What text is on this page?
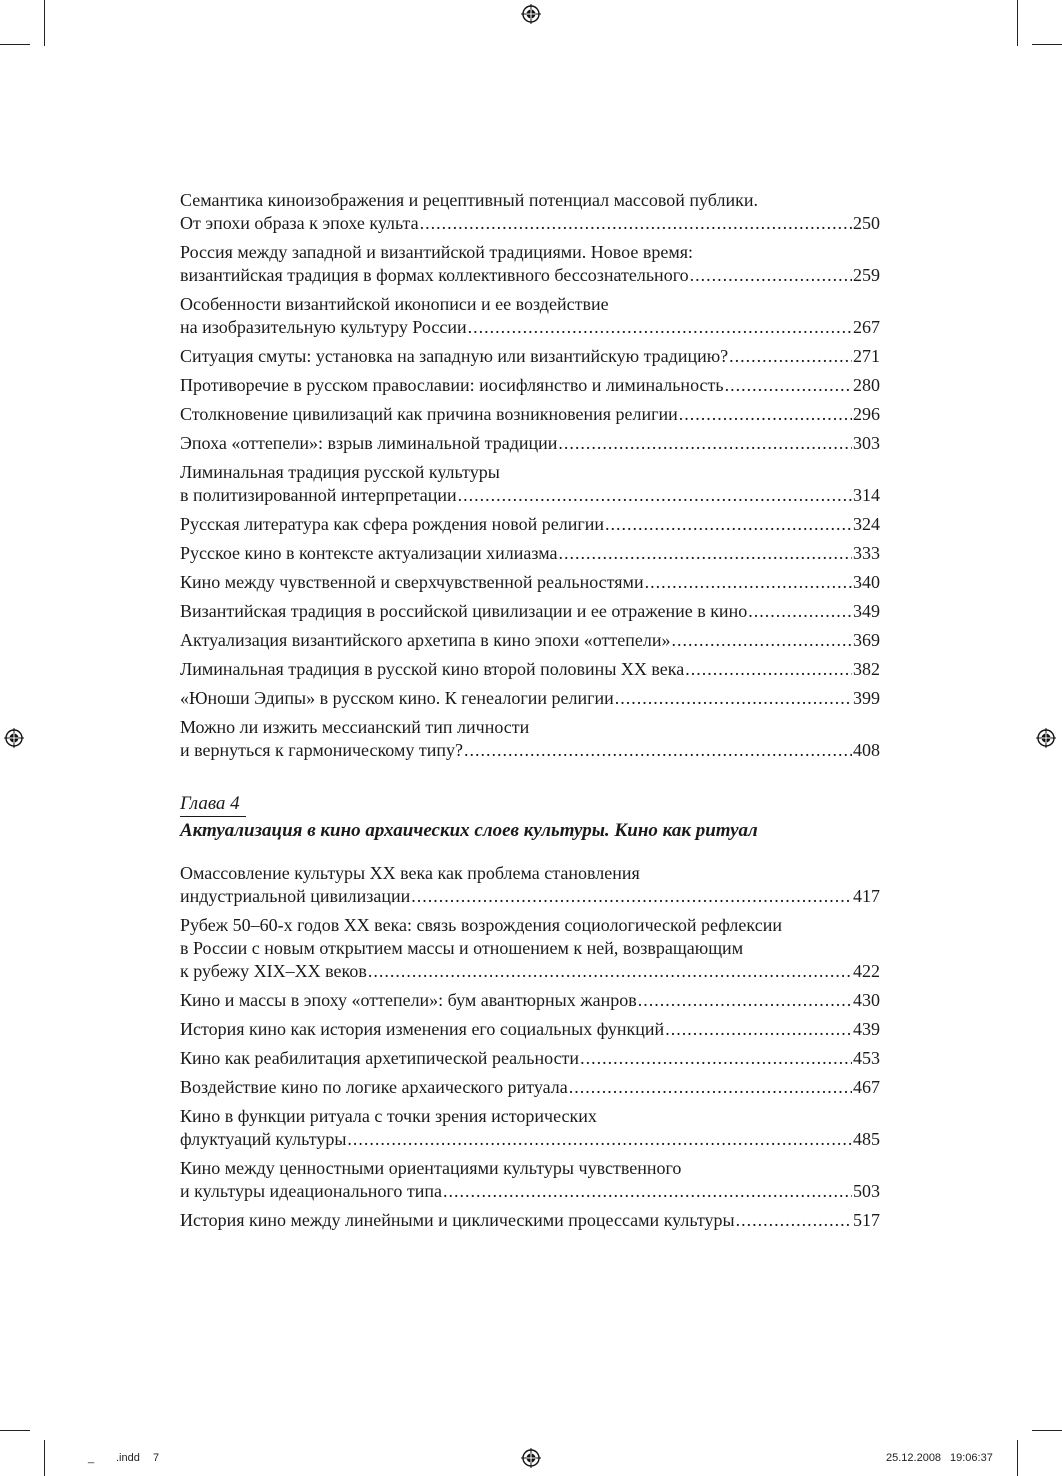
Семантика киноизображения и рецептивный потенциал массовой публики.
От эпохи образа к эпохе культа .....	250
Россия между западной и византийской традициями. Новое время:
византийская традиция в формах коллективного бессознательного .....	259
Особенности византийской иконописи и ее воздействие
на изобразительную культуру России .....	267
Ситуация смуты: установка на западную или византийскую традицию? .....	271
Противоречие в русском православии: иосифлянство и лиминальность .....	280
Столкновение цивилизаций как причина возникновения религии .....	296
Эпоха «оттепели»: взрыв лиминальной традиции .....	303
Лиминальная традиция русской культуры
в политизированной интерпретации .....	314
Русская литература как сфера рождения новой религии .....	324
Русское кино в контексте актуализации хилиазма .....	333
Кино между чувственной и сверхчувственной реальностями .....	340
Византийская традиция в российской цивилизации и ее отражение в кино .....	349
Актуализация византийского архетипа в кино эпохи «оттепели» .....	369
Лиминальная традиция в русской кино второй половины XX века .....	382
«Юноши Эдипы» в русском кино. К генеалогии религии .....	399
Можно ли изжить мессианский тип личности
и вернуться к гармоническому типу? .....	408
Глава 4
Актуализация в кино архаических слоев культуры. Кино как ритуал
Омассовление культуры XX века как проблема становления
индустриальной цивилизации .....	417
Рубеж 50–60-х годов XX века: связь возрождения социологической рефлексии
в России с новым открытием массы и отношением к ней, возвращающим
к рубежу XIX–XX веков .....	422
Кино и массы в эпоху «оттепели»: бум авантюрных жанров .....	430
История кино как история изменения его социальных функций .....	439
Кино как реабилитация архетипической реальности .....	453
Воздействие кино по логике архаического ритуала .....	467
Кино в функции ритуала с точки зрения исторических
флуктуаций культуры .....	485
Кино между ценностными ориентациями культуры чувственного
и культуры идеационального типа .....	503
История кино между линейными и циклическими процессами культуры .....	517
_ .indd 7	25.12.2008 19:06:37
